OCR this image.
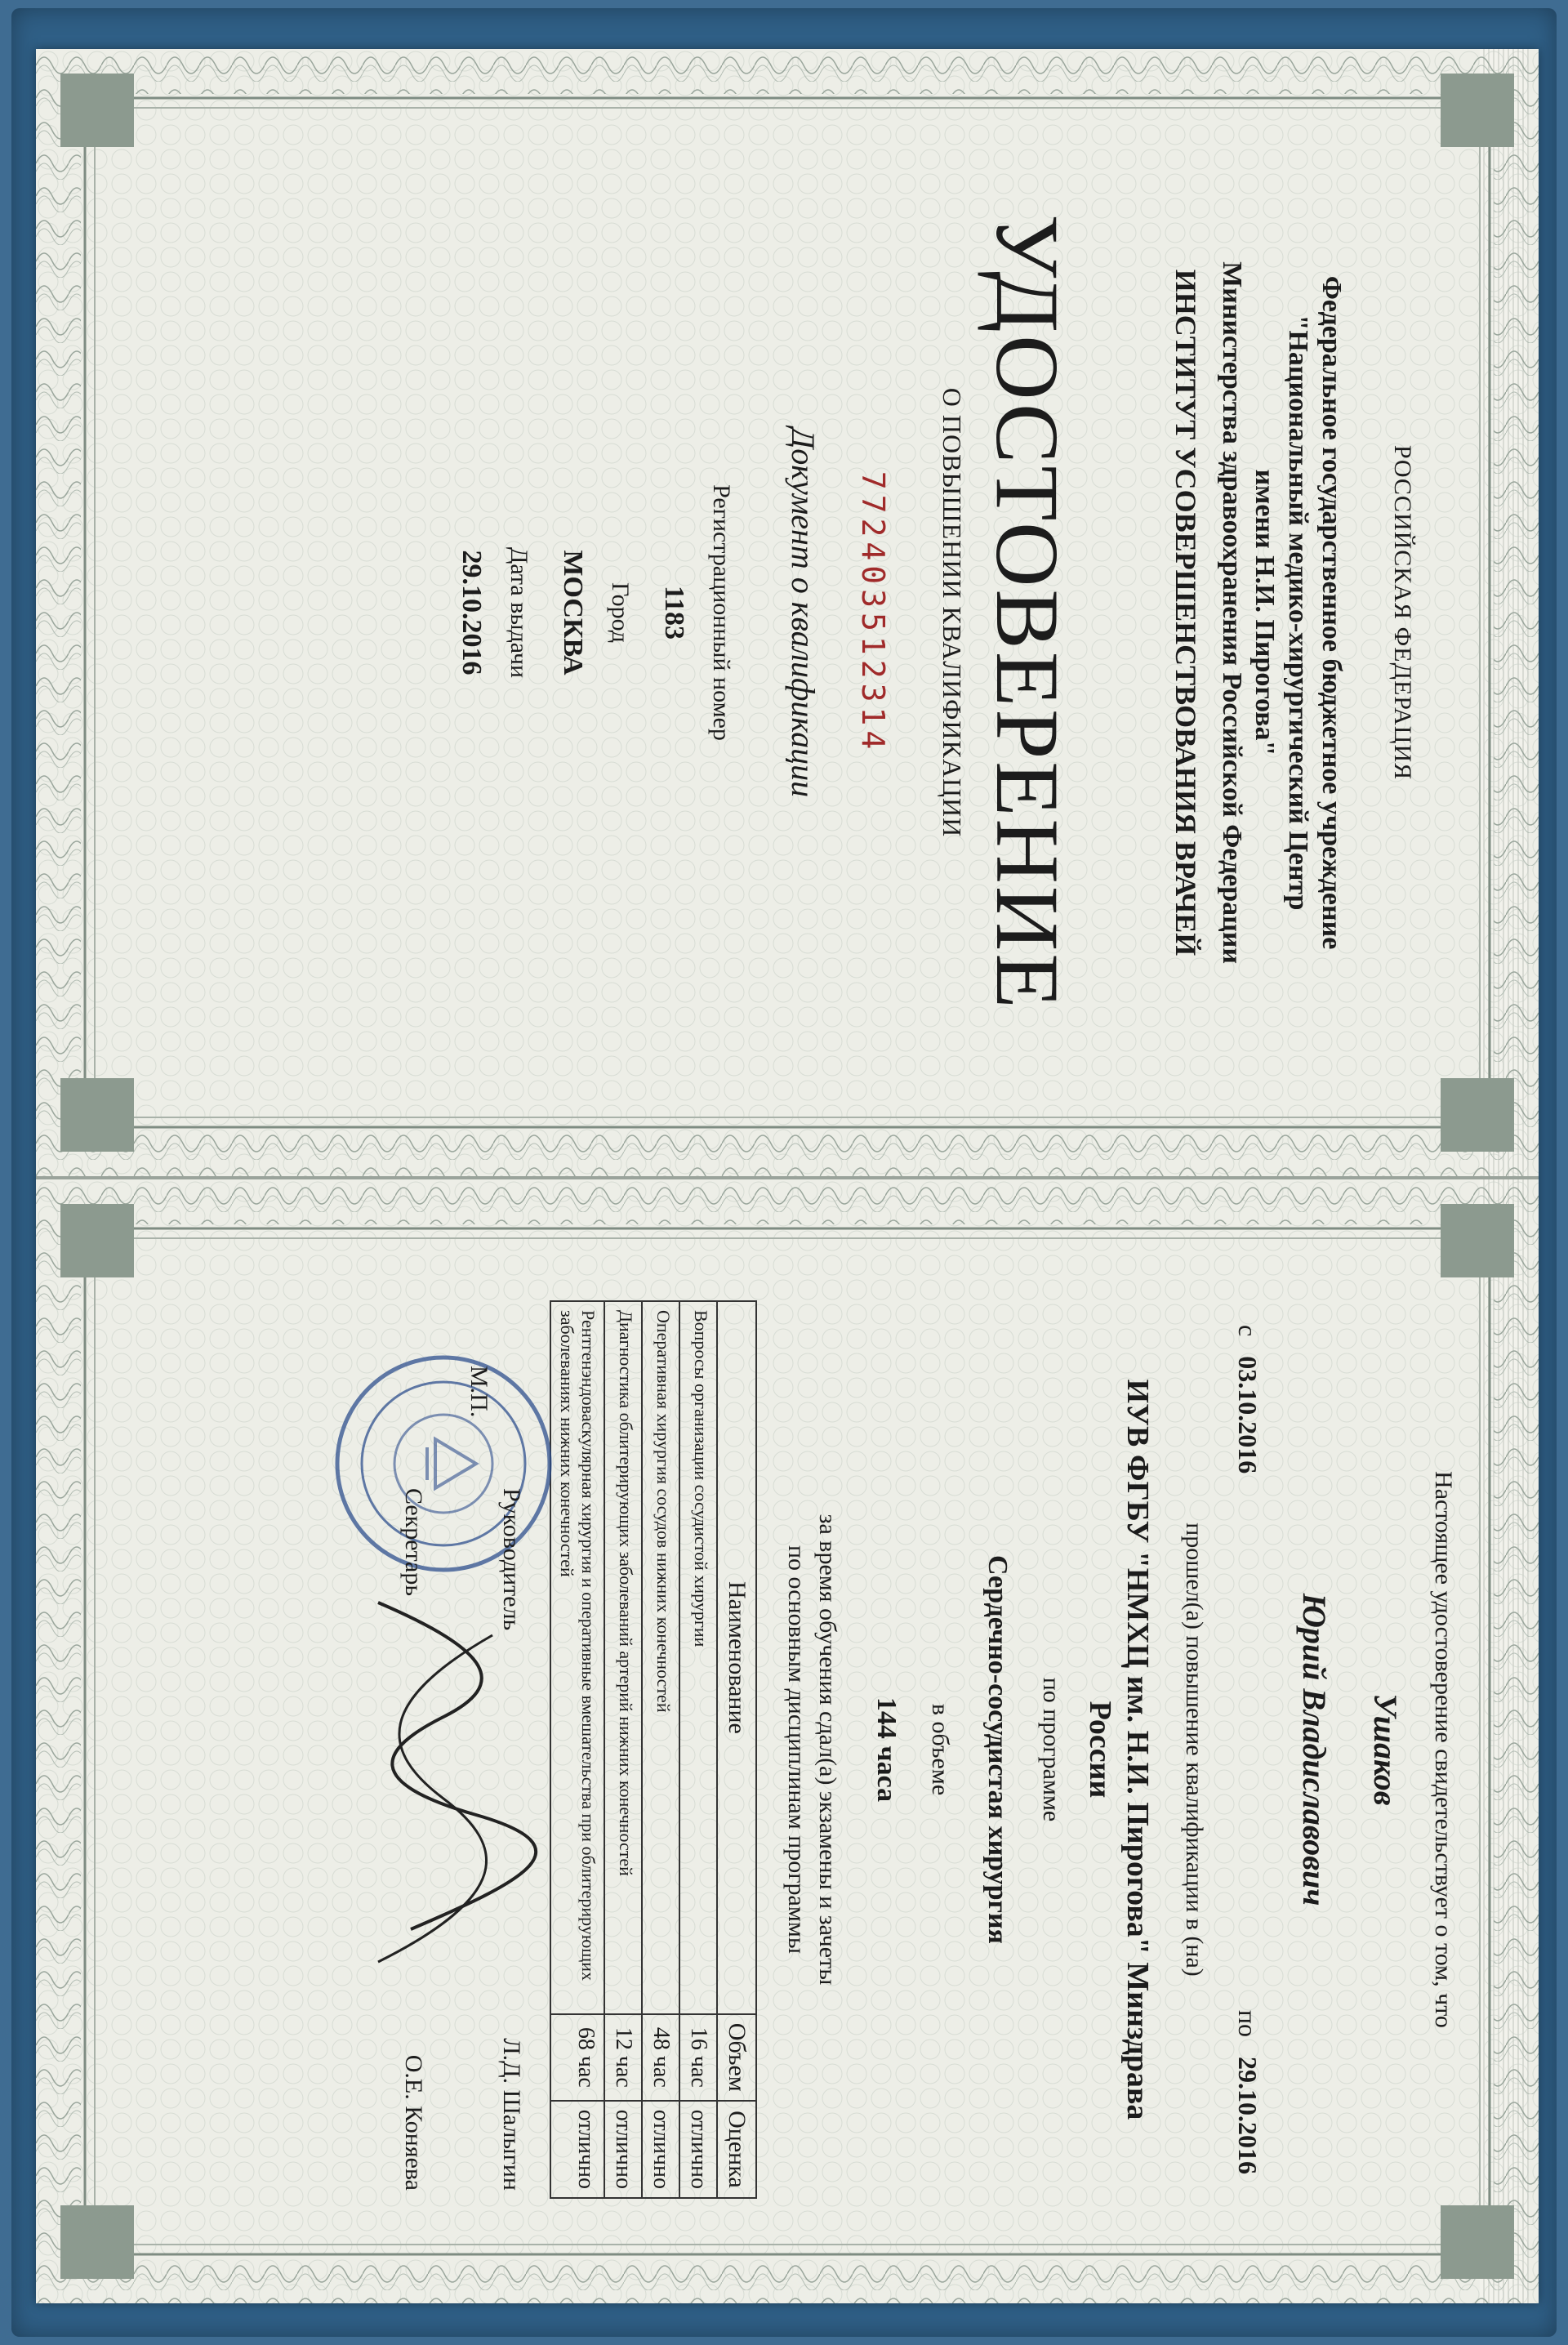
РОССИЙСКАЯ ФЕДЕРАЦИЯ

Федеральное государственное бюджетное учреждение
"Национальный медико-хирургический Центр
имени Н.И. Пирогова"
Министерства здравоохранения Российской Федерации

ИНСТИТУТ УСОВЕРШЕНСТВОВАНИЯ ВРАЧЕЙ

УДОСТОВЕРЕНИЕ

О ПОВЫШЕНИИ КВАЛИФИКАЦИИ

772403512314

Документ о квалификации

Регистрационный номер

1183

Город

МОСКВА

Дата выдачи

29.10.2016

Настоящее удостоверение свидетельствует о том, что

Ушаков

Юрий Владиславович

с   03.10.2016
по   29.10.2016

прошел(а) повышение квалификации в (на)

ИУВ ФГБУ "НМХЦ им. Н.И. Пирогова" Минздрава
России

по программе

Сердечно-сосудистая хирургия

в объеме

144 часа

за время обучения сдал(а) экзамены и зачеты
по основным дисциплинам программы
Наименование	Объем	Оценка
Вопросы организации сосудистой хирургии	16 час	отлично
Оперативная хирургия сосудов нижних конечностей	48 час	отлично
Диагностика облитерирующих заболеваний артерий нижних конечностей	12 час	отлично
Рентгенэндоваскулярная хирургия и оперативные вмешательства при облитерирующих заболеваниях нижних конечностей	68 час	отлично
Руководитель
Л.Д. Шалыгин
М.П.
Секретарь
О.Е. Коняева
